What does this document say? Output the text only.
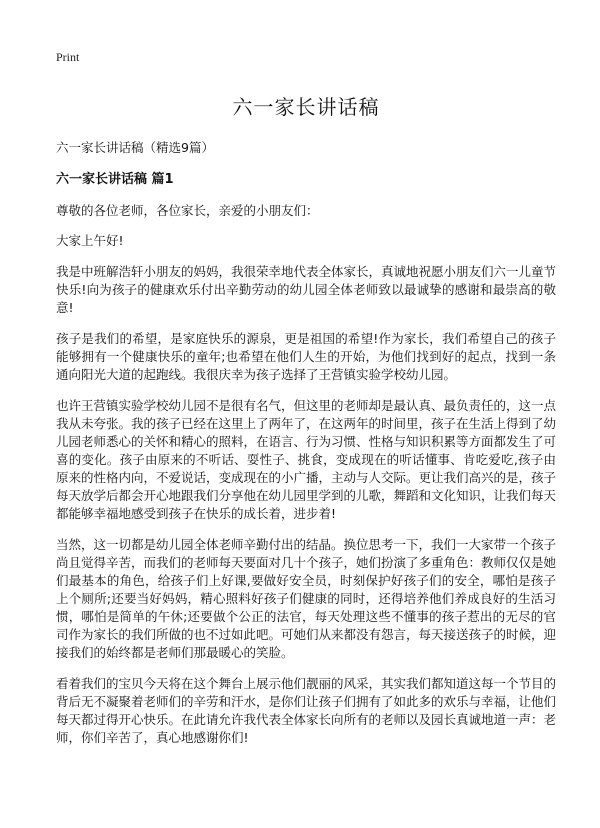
Print
六一家长讲话稿

六一家长讲话稿（精选9篇）

六一家长讲话稿 篇1

尊敬的各位老师，各位家长，亲爱的小朋友们：

大家上午好!

我是中班解浩轩小朋友的妈妈，我很荣幸地代表全体家长，真诚地祝愿小朋友们六一儿童节快乐!向为孩子的健康欢乐付出辛勤劳动的幼儿园全体老师致以最诚挚的感谢和最崇高的敬意!

孩子是我们的希望，是家庭快乐的源泉，更是祖国的希望!作为家长，我们希望自己的孩子能够拥有一个健康快乐的童年;也希望在他们人生的开始，为他们找到好的起点，找到一条通向阳光大道的起跑线。我很庆幸为孩子选择了王营镇实验学校幼儿园。

也许王营镇实验学校幼儿园不是很有名气，但这里的老师却是最认真、最负责任的，这一点我从未夸张。我的孩子已经在这里上了两年了，在这两年的时间里，孩子在生活上得到了幼儿园老师悉心的关怀和精心的照料，在语言、行为习惯、性格与知识积累等方面都发生了可喜的变化。孩子由原来的不听话、耍性子、挑食，变成现在的听话懂事、肯吃爱吃,孩子由原来的性格内向，不爱说话，变成现在的小广播，主动与人交际。更让我们高兴的是，孩子每天放学后都会开心地跟我们分享他在幼儿园里学到的儿歌，舞蹈和文化知识，让我们每天都能够幸福地感受到孩子在快乐的成长着，进步着!

当然，这一切都是幼儿园全体老师辛勤付出的结晶。换位思考一下，我们一大家带一个孩子尚且觉得辛苦，而我们的老师每天要面对几十个孩子，她们扮演了多重角色：教师仅仅是她们最基本的角色，给孩子们上好课,要做好安全员，时刻保护好孩子们的安全，哪怕是孩子上个厕所;还要当好妈妈，精心照料好孩子们健康的同时，还得培养他们养成良好的生活习惯，哪怕是简单的午休;还要做个公正的法官，每天处理这些不懂事的孩子惹出的无尽的官司作为家长的我们所做的也不过如此吧。可她们从来都没有怨言，每天接送孩子的时候，迎接我们的始终都是老师们那最暖心的笑脸。

看着我们的宝贝今天将在这个舞台上展示他们靓丽的风采，其实我们都知道这每一个节目的背后无不凝聚着老师们的辛劳和汗水，是你们让孩子们拥有了如此多的欢乐与幸福，让他们每天都过得开心快乐。在此请允许我代表全体家长向所有的老师以及园长真诚地道一声：老师，你们辛苦了，真心地感谢你们!
